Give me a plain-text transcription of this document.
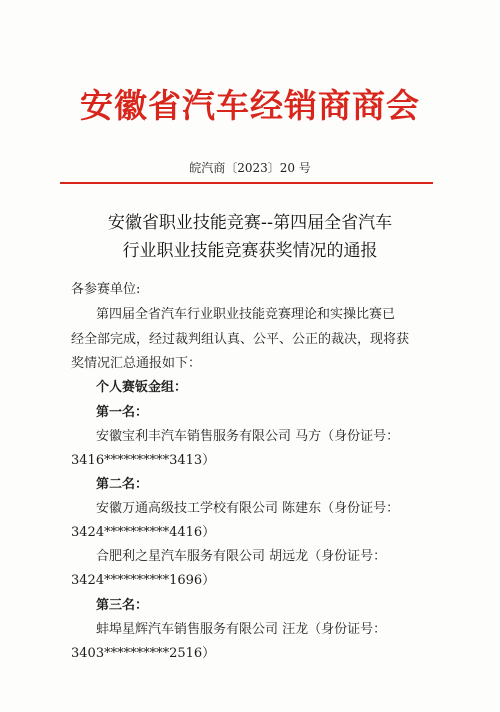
安徽省汽车经销商商会
皖汽商〔2023〕20 号
安徽省职业技能竞赛--第四届全省汽车
行业职业技能竞赛获奖情况的通报
各参赛单位:
第四届全省汽车行业职业技能竞赛理论和实操比赛已
经全部完成，经过裁判组认真、公平、公正的裁决，现将获
奖情况汇总通报如下：
个人赛钣金组：
第一名：
安徽宝利丰汽车销售服务有限公司 马方（身份证号：
3416**********3413）
第二名：
安徽万通高级技工学校有限公司 陈建东（身份证号：
3424**********4416）
合肥利之星汽车服务有限公司 胡远龙（身份证号：
3424**********1696）
第三名：
蚌埠星辉汽车销售服务有限公司 汪龙（身份证号：
3403**********2516）
